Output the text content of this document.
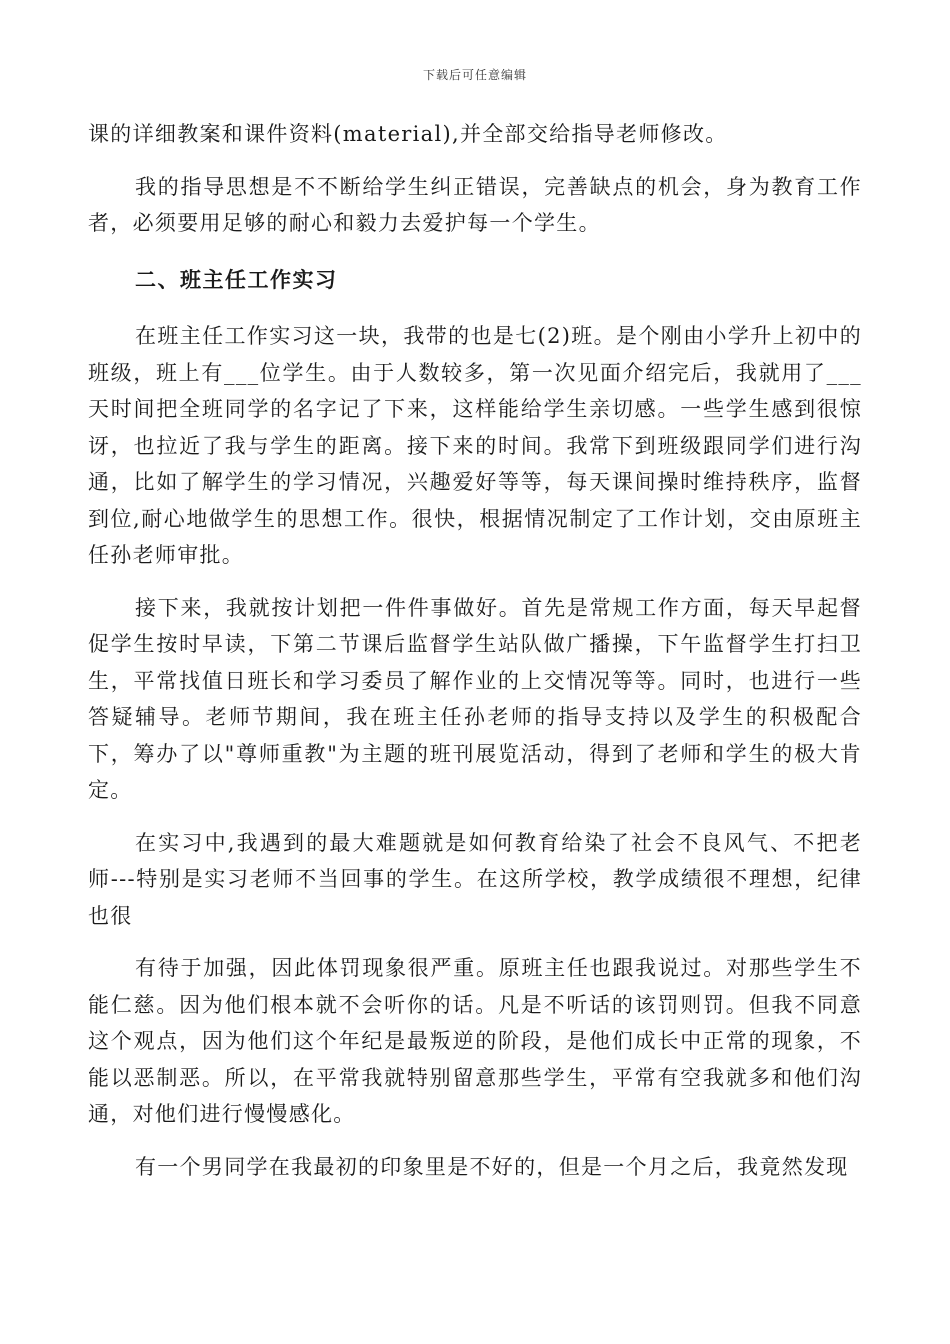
下载后可任意编辑

课的详细教案和课件资料(material),并全部交给指导老师修改。

我的指导思想是不不断给学生纠正错误，完善缺点的机会，身为教育工作者，必须要用足够的耐心和毅力去爱护每一个学生。

二、班主任工作实习

在班主任工作实习这一块，我带的也是七(2)班。是个刚由小学升上初中的班级，班上有___位学生。由于人数较多，第一次见面介绍完后，我就用了___天时间把全班同学的名字记了下来，这样能给学生亲切感。一些学生感到很惊讶，也拉近了我与学生的距离。接下来的时间。我常下到班级跟同学们进行沟通，比如了解学生的学习情况，兴趣爱好等等，每天课间操时维持秩序，监督到位,耐心地做学生的思想工作。很快，根据情况制定了工作计划，交由原班主任孙老师审批。

接下来，我就按计划把一件件事做好。首先是常规工作方面，每天早起督促学生按时早读，下第二节课后监督学生站队做广播操，下午监督学生打扫卫生，平常找值日班长和学习委员了解作业的上交情况等等。同时，也进行一些答疑辅导。老师节期间，我在班主任孙老师的指导支持以及学生的积极配合下，筹办了以"尊师重教"为主题的班刊展览活动，得到了老师和学生的极大肯定。

在实习中,我遇到的最大难题就是如何教育给染了社会不良风气、不把老师---特别是实习老师不当回事的学生。在这所学校，教学成绩很不理想，纪律也很

有待于加强，因此体罚现象很严重。原班主任也跟我说过。对那些学生不能仁慈。因为他们根本就不会听你的话。凡是不听话的该罚则罚。但我不同意这个观点，因为他们这个年纪是最叛逆的阶段，是他们成长中正常的现象，不能以恶制恶。所以，在平常我就特别留意那些学生，平常有空我就多和他们沟通，对他们进行慢慢感化。

有一个男同学在我最初的印象里是不好的，但是一个月之后，我竟然发现
